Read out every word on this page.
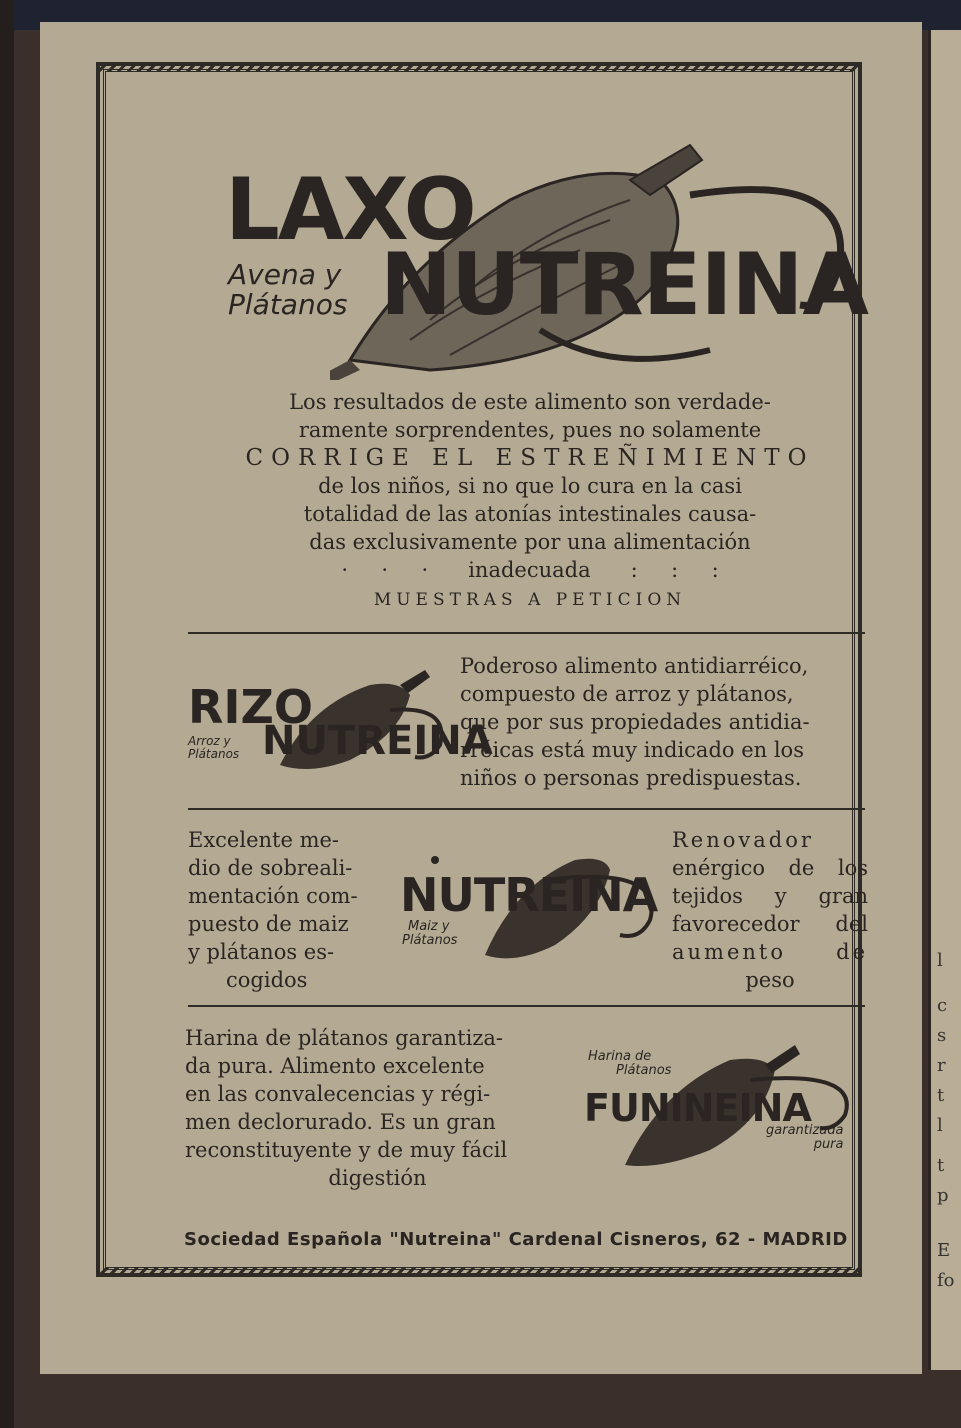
l
c
s
r
t
l
t
p
E
fo
LAXO
NUTREINA
Avena y
Plátanos
Los resultados de este alimento son verdade-
ramente sorprendentes, pues no solamente
CORRIGE EL ESTREÑIMIENTO
de los niños, si no que lo cura en la casi
totalidad de las atonías intestinales causa-
das exclusivamente por una alimentación
·     ·     ·      inadecuada      :     :     :
MUESTRAS A PETICION
RIZO
NUTREINA
Arroz y
Plátanos
Poderoso alimento antidiarréico,
compuesto de arroz y plátanos,
que por sus propiedades antidia-
rréicas está muy indicado en los
niños o personas predispuestas.
Excelente me-
dio de sobreali-
mentación com-
puesto de maiz
y plátanos es-
cogidos
NUTREINA
Maiz y
Plátanos
Renovador
enérgico de los
tejidos y gran
favorecedor del
aumento de
peso
Harina de plátanos garantiza-
da pura. Alimento excelente
en las convalecencias y régi-
men declorurado. Es un gran
reconstituyente y de muy fácil
digestión
Harina de
Plátanos
FUNINEINA
garantizada
pura
Sociedad Española "Nutreina" Cardenal Cisneros, 62 - MADRID
